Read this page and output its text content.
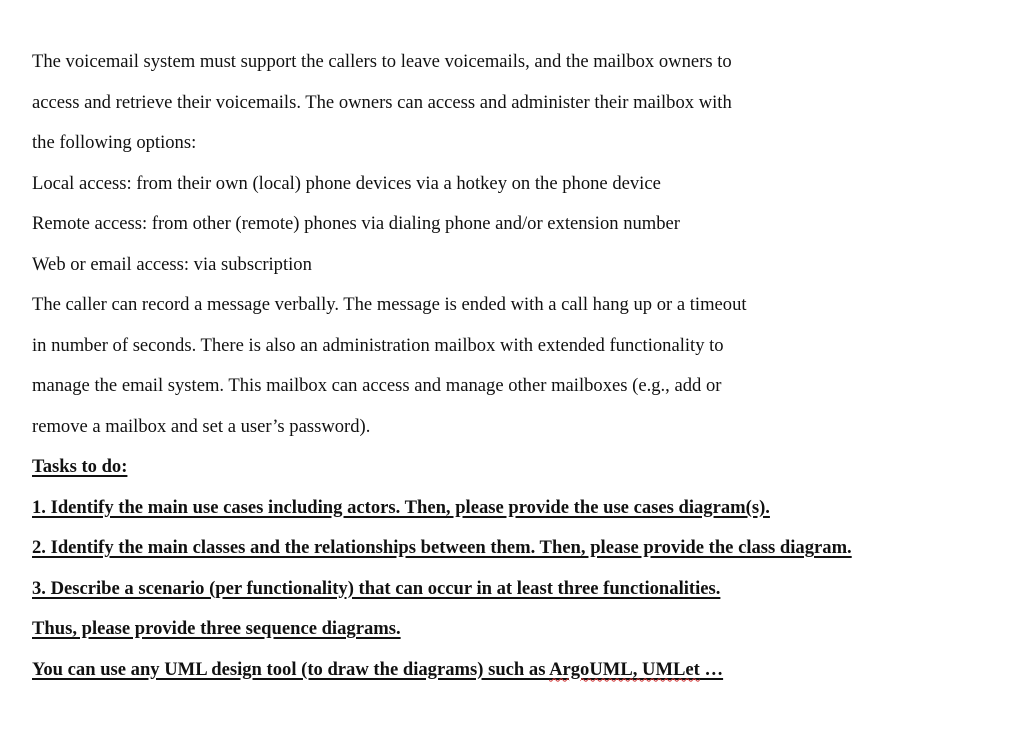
The voicemail system must support the callers to leave voicemails, and the mailbox owners to
access and retrieve their voicemails. The owners can access and administer their mailbox with
the following options:
Local access: from their own (local) phone devices via a hotkey on the phone device
Remote access: from other (remote) phones via dialing phone and/or extension number
Web or email access: via subscription
The caller can record a message verbally. The message is ended with a call hang up or a timeout
in number of seconds. There is also an administration mailbox with extended functionality to
manage the email system. This mailbox can access and manage other mailboxes (e.g., add or
remove a mailbox and set a user’s password).
Tasks to do:
1. Identify the main use cases including actors. Then, please provide the use cases diagram(s).
2. Identify the main classes and the relationships between them. Then, please provide the class diagram.
3. Describe a scenario (per functionality) that can occur in at least three functionalities.
Thus, please provide three sequence diagrams.
You can use any UML design tool (to draw the diagrams) such as ArgoUML, UMLet …
